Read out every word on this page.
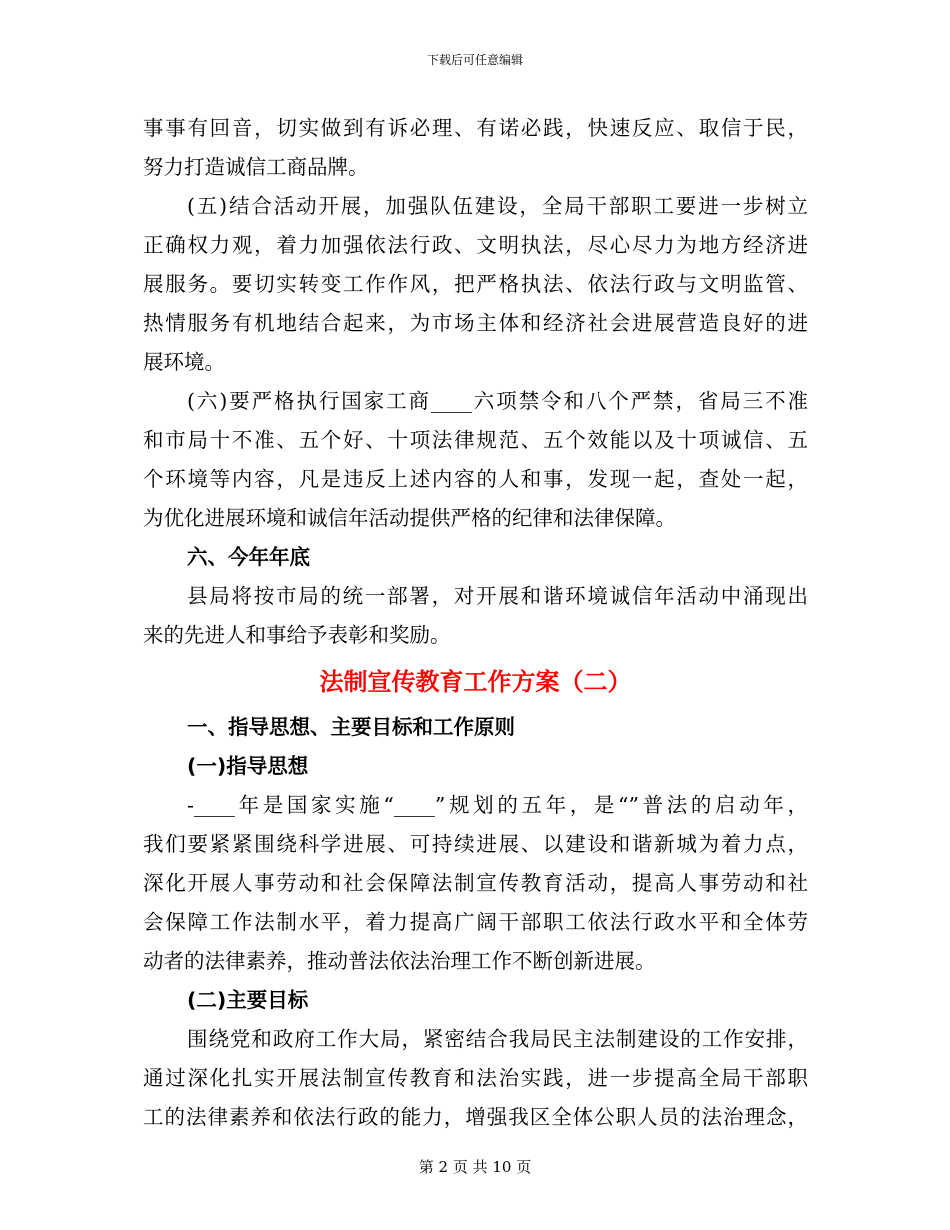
下载后可任意编辑
事事有回音，切实做到有诉必理、有诺必践，快速反应、取信于民，
努力打造诚信工商品牌。
(五)结合活动开展，加强队伍建设，全局干部职工要进一步树立
正确权力观，着力加强依法行政、文明执法，尽心尽力为地方经济进
展服务。要切实转变工作作风，把严格执法、依法行政与文明监管、
热情服务有机地结合起来，为市场主体和经济社会进展营造良好的进
展环境。
(六)要严格执行国家工商____六项禁令和八个严禁，省局三不准
和市局十不准、五个好、十项法律规范、五个效能以及十项诚信、五
个环境等内容，凡是违反上述内容的人和事，发现一起，查处一起，
为优化进展环境和诚信年活动提供严格的纪律和法律保障。
六、今年年底
县局将按市局的统一部署，对开展和谐环境诚信年活动中涌现出
来的先进人和事给予表彰和奖励。
法制宣传教育工作方案（二）
一、指导思想、主要目标和工作原则
(一)指导思想
-____年是国家实施“____”规划的五年，是“”普法的启动年，
我们要紧紧围绕科学进展、可持续进展、以建设和谐新城为着力点，
深化开展人事劳动和社会保障法制宣传教育活动，提高人事劳动和社
会保障工作法制水平，着力提高广阔干部职工依法行政水平和全体劳
动者的法律素养，推动普法依法治理工作不断创新进展。
(二)主要目标
围绕党和政府工作大局，紧密结合我局民主法制建设的工作安排，
通过深化扎实开展法制宣传教育和法治实践，进一步提高全局干部职
工的法律素养和依法行政的能力，增强我区全体公职人员的法治理念，
第 2 页 共 10 页
